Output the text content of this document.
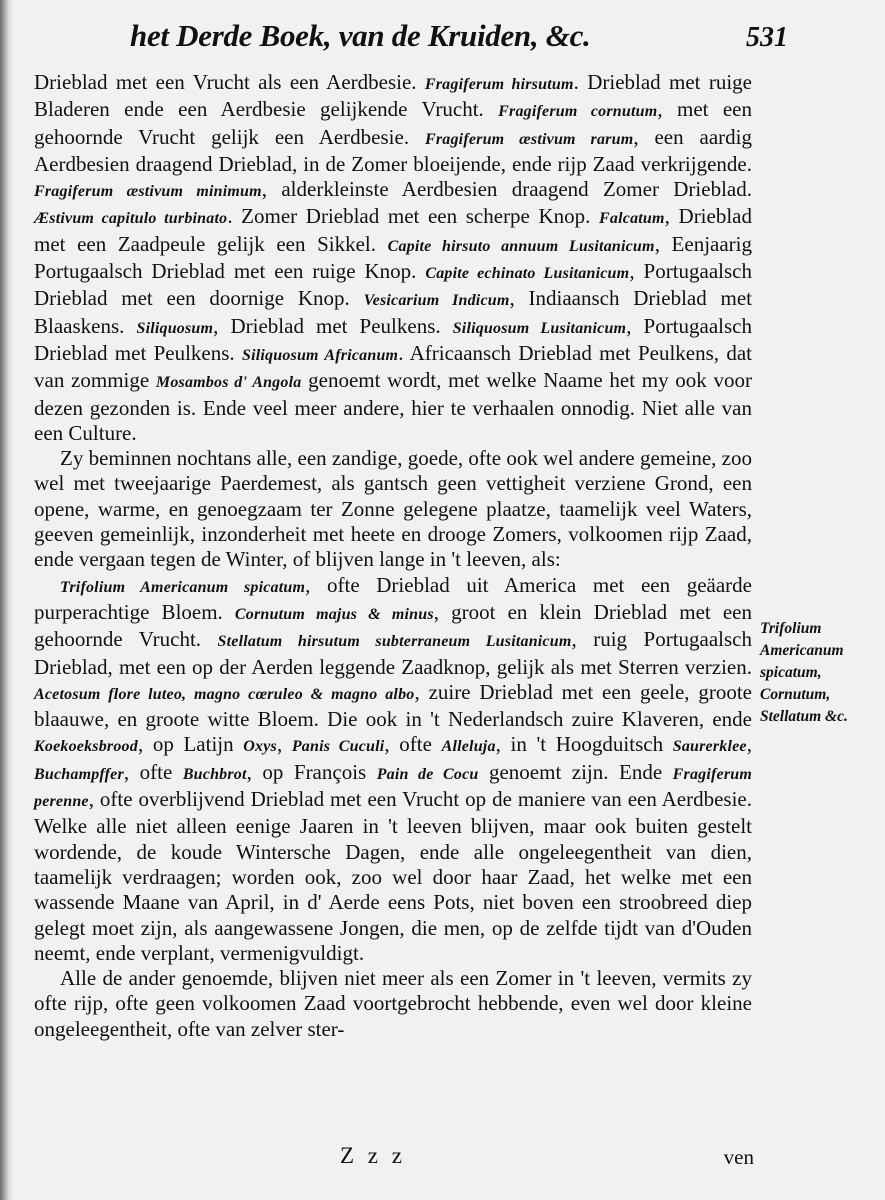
het Derde Boek, van de Kruiden, &c.	531

Drieblad met een Vrucht als een Aerdbesie. Fragiferum hirsutum. Drieblad met ruige Bladeren ende een Aerdbesie gelijkende Vrucht. Fragiferum cornutum, met een gehoornde Vrucht gelijk een Aerdbesie. Fragiferum æstivum rarum, een aardig Aerdbesien draagend Drieblad, in de Zomer bloeijende, ende rijp Zaad verkrijgende. Fragiferum æstivum minimum, alderkleinste Aerdbesien draagend Zomer Drieblad. Æstivum capitulo turbinato. Zomer Drieblad met een scherpe Knop. Falcatum, Drieblad met een Zaadpeule gelijk een Sikkel. Capite hirsuto annuum Lusitanicum, Eenjaarig Portugaalsch Drieblad met een ruige Knop. Capite echinato Lusitanicum, Portugaalsch Drieblad met een doornige Knop. Vesicarium Indicum, Indiaansch Drieblad met Blaaskens. Siliquosum, Drieblad met Peulkens. Siliquosum Lusitanicum, Portugaalsch Drieblad met Peulkens. Siliquosum Africanum. Africaansch Drieblad met Peulkens, dat van zommige Mosambos d' Angola genoemt wordt, met welke Naame het my ook voor dezen gezonden is. Ende veel meer andere, hier te verhaalen onnodig. Niet alle van een Culture.

Zy beminnen nochtans alle, een zandige, goede, ofte ook wel andere gemeine, zoo wel met tweejaarige Paerdemest, als gantsch geen vettigheit verziene Grond, een opene, warme, en genoegzaam ter Zonne gelegene plaatze, taamelijk veel Waters, geeven gemeinlijk, inzonderheit met heete en drooge Zomers, volkoomen rijp Zaad, ende vergaan tegen de Winter, of blijven lange in 't leeven, als:

Trifolium Americanum spicatum, ofte Drieblad uit America met een geäarde purperachtige Bloem. Cornutum majus & minus, groot en klein Drieblad met een gehoornde Vrucht. Stellatum hirsutum subterraneum Lusitanicum, ruig Portugaalsch Drieblad, met een op der Aerden leggende Zaadknop, gelijk als met Sterren verzien. Acetosum flore luteo, magno cœruleo & magno albo, zuire Drieblad met een geele, groote blaauwe, en groote witte Bloem. Die ook in 't Nederlandsch zuire Klaveren, ende Koekoeksbrood, op Latijn Oxys, Panis Cuculi, ofte Alleluja, in 't Hoogduitsch Saurerklee, Buchampffer, ofte Buchbrot, op François Pain de Cocu genoemt zijn. Ende Fragiferum perenne, ofte overblijvend Drieblad met een Vrucht op de maniere van een Aerdbesie. Welke alle niet alleen eenige Jaaren in 't leeven blijven, maar ook buiten gestelt wordende, de koude Wintersche Dagen, ende alle ongeleegentheit van dien, taamelijk verdraagen; worden ook, zoo wel door haar Zaad, het welke met een wassende Maane van April, in d' Aerde eens Pots, niet boven een stroobreed diep gelegt moet zijn, als aangewassene Jongen, die men, op de zelfde tijdt van d'Ouden neemt, ende verplant, vermenigvuldigt.

Alle de ander genoemde, blijven niet meer als een Zomer in 't leeven, vermits zy ofte rijp, ofte geen volkoomen Zaad voortgebrocht hebbende, even wel door kleine ongeleegentheit, ofte van zelver ster-

Trifolium Americanum spicatum, Cornutum, Stellatum &c.
Z z z	ven
